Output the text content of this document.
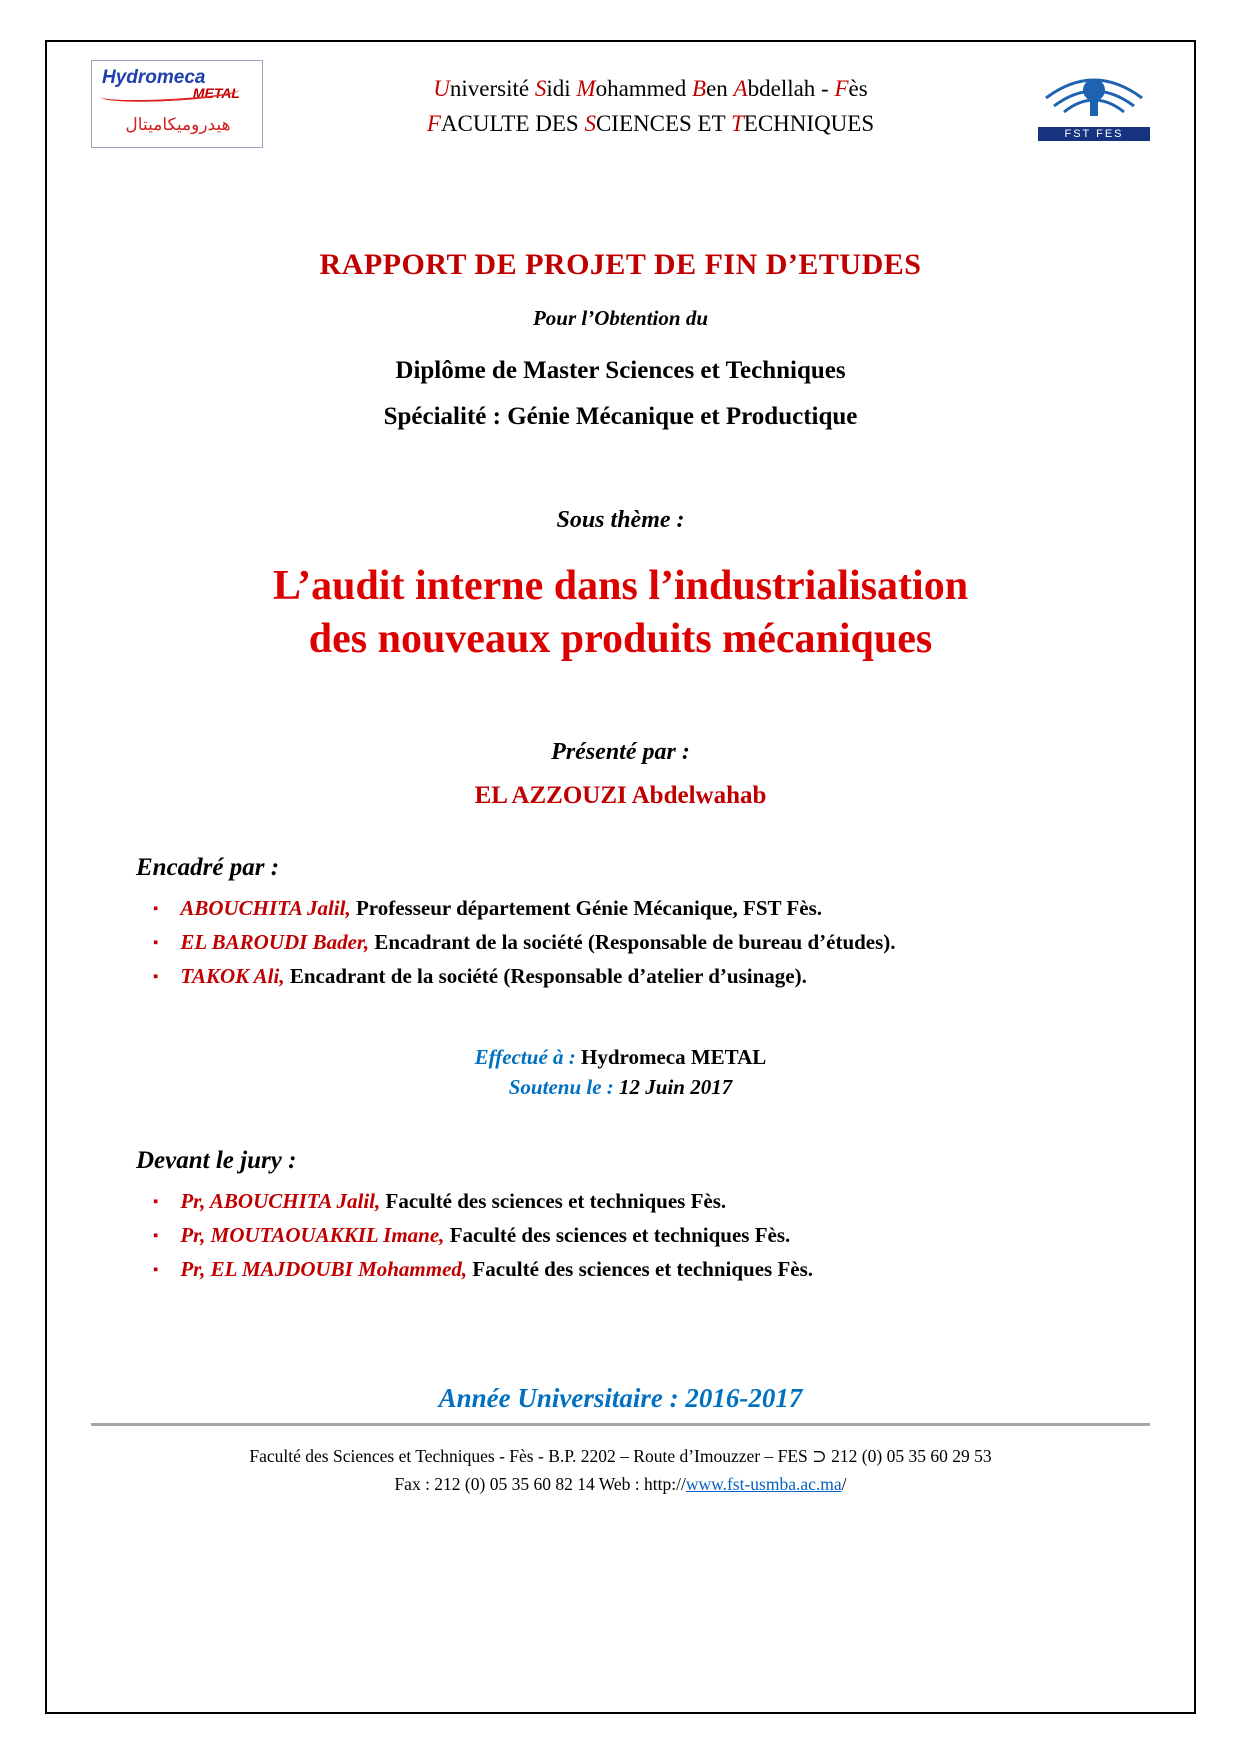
Hydromeca
METAL
هيدروميكاميتال
Université Sidi Mohammed Ben Abdellah - Fès
FACULTE DES SCIENCES ET TECHNIQUES	FST FES
RAPPORT DE PROJET DE FIN D’ETUDES
Pour l’Obtention du
Diplôme de Master Sciences et Techniques
Spécialité : Génie Mécanique et Productique
Sous thème :
L’audit interne dans l’industrialisation
des nouveaux produits mécaniques
Présenté par :
EL AZZOUZI Abdelwahab
Encadré par :
▪ ABOUCHITA Jalil, Professeur département Génie Mécanique, FST Fès.
▪ EL BAROUDI Bader, Encadrant de la société (Responsable de bureau d’études).
▪ TAKOK Ali, Encadrant de la société (Responsable d’atelier d’usinage).
Effectué à : Hydromeca METAL
Soutenu le : 12 Juin 2017
Devant le jury :
▪ Pr, ABOUCHITA Jalil, Faculté des sciences et techniques Fès.
▪ Pr, MOUTAOUAKKIL Imane, Faculté des sciences et techniques Fès.
▪ Pr, EL MAJDOUBI Mohammed, Faculté des sciences et techniques Fès.
Année Universitaire : 2016-2017
Faculté des Sciences et Techniques - Fès - B.P. 2202 – Route d’Imouzzer – FES ⊃ 212 (0) 05 35 60 29 53
Fax : 212 (0) 05 35 60 82 14 Web : http://www.fst-usmba.ac.ma/
